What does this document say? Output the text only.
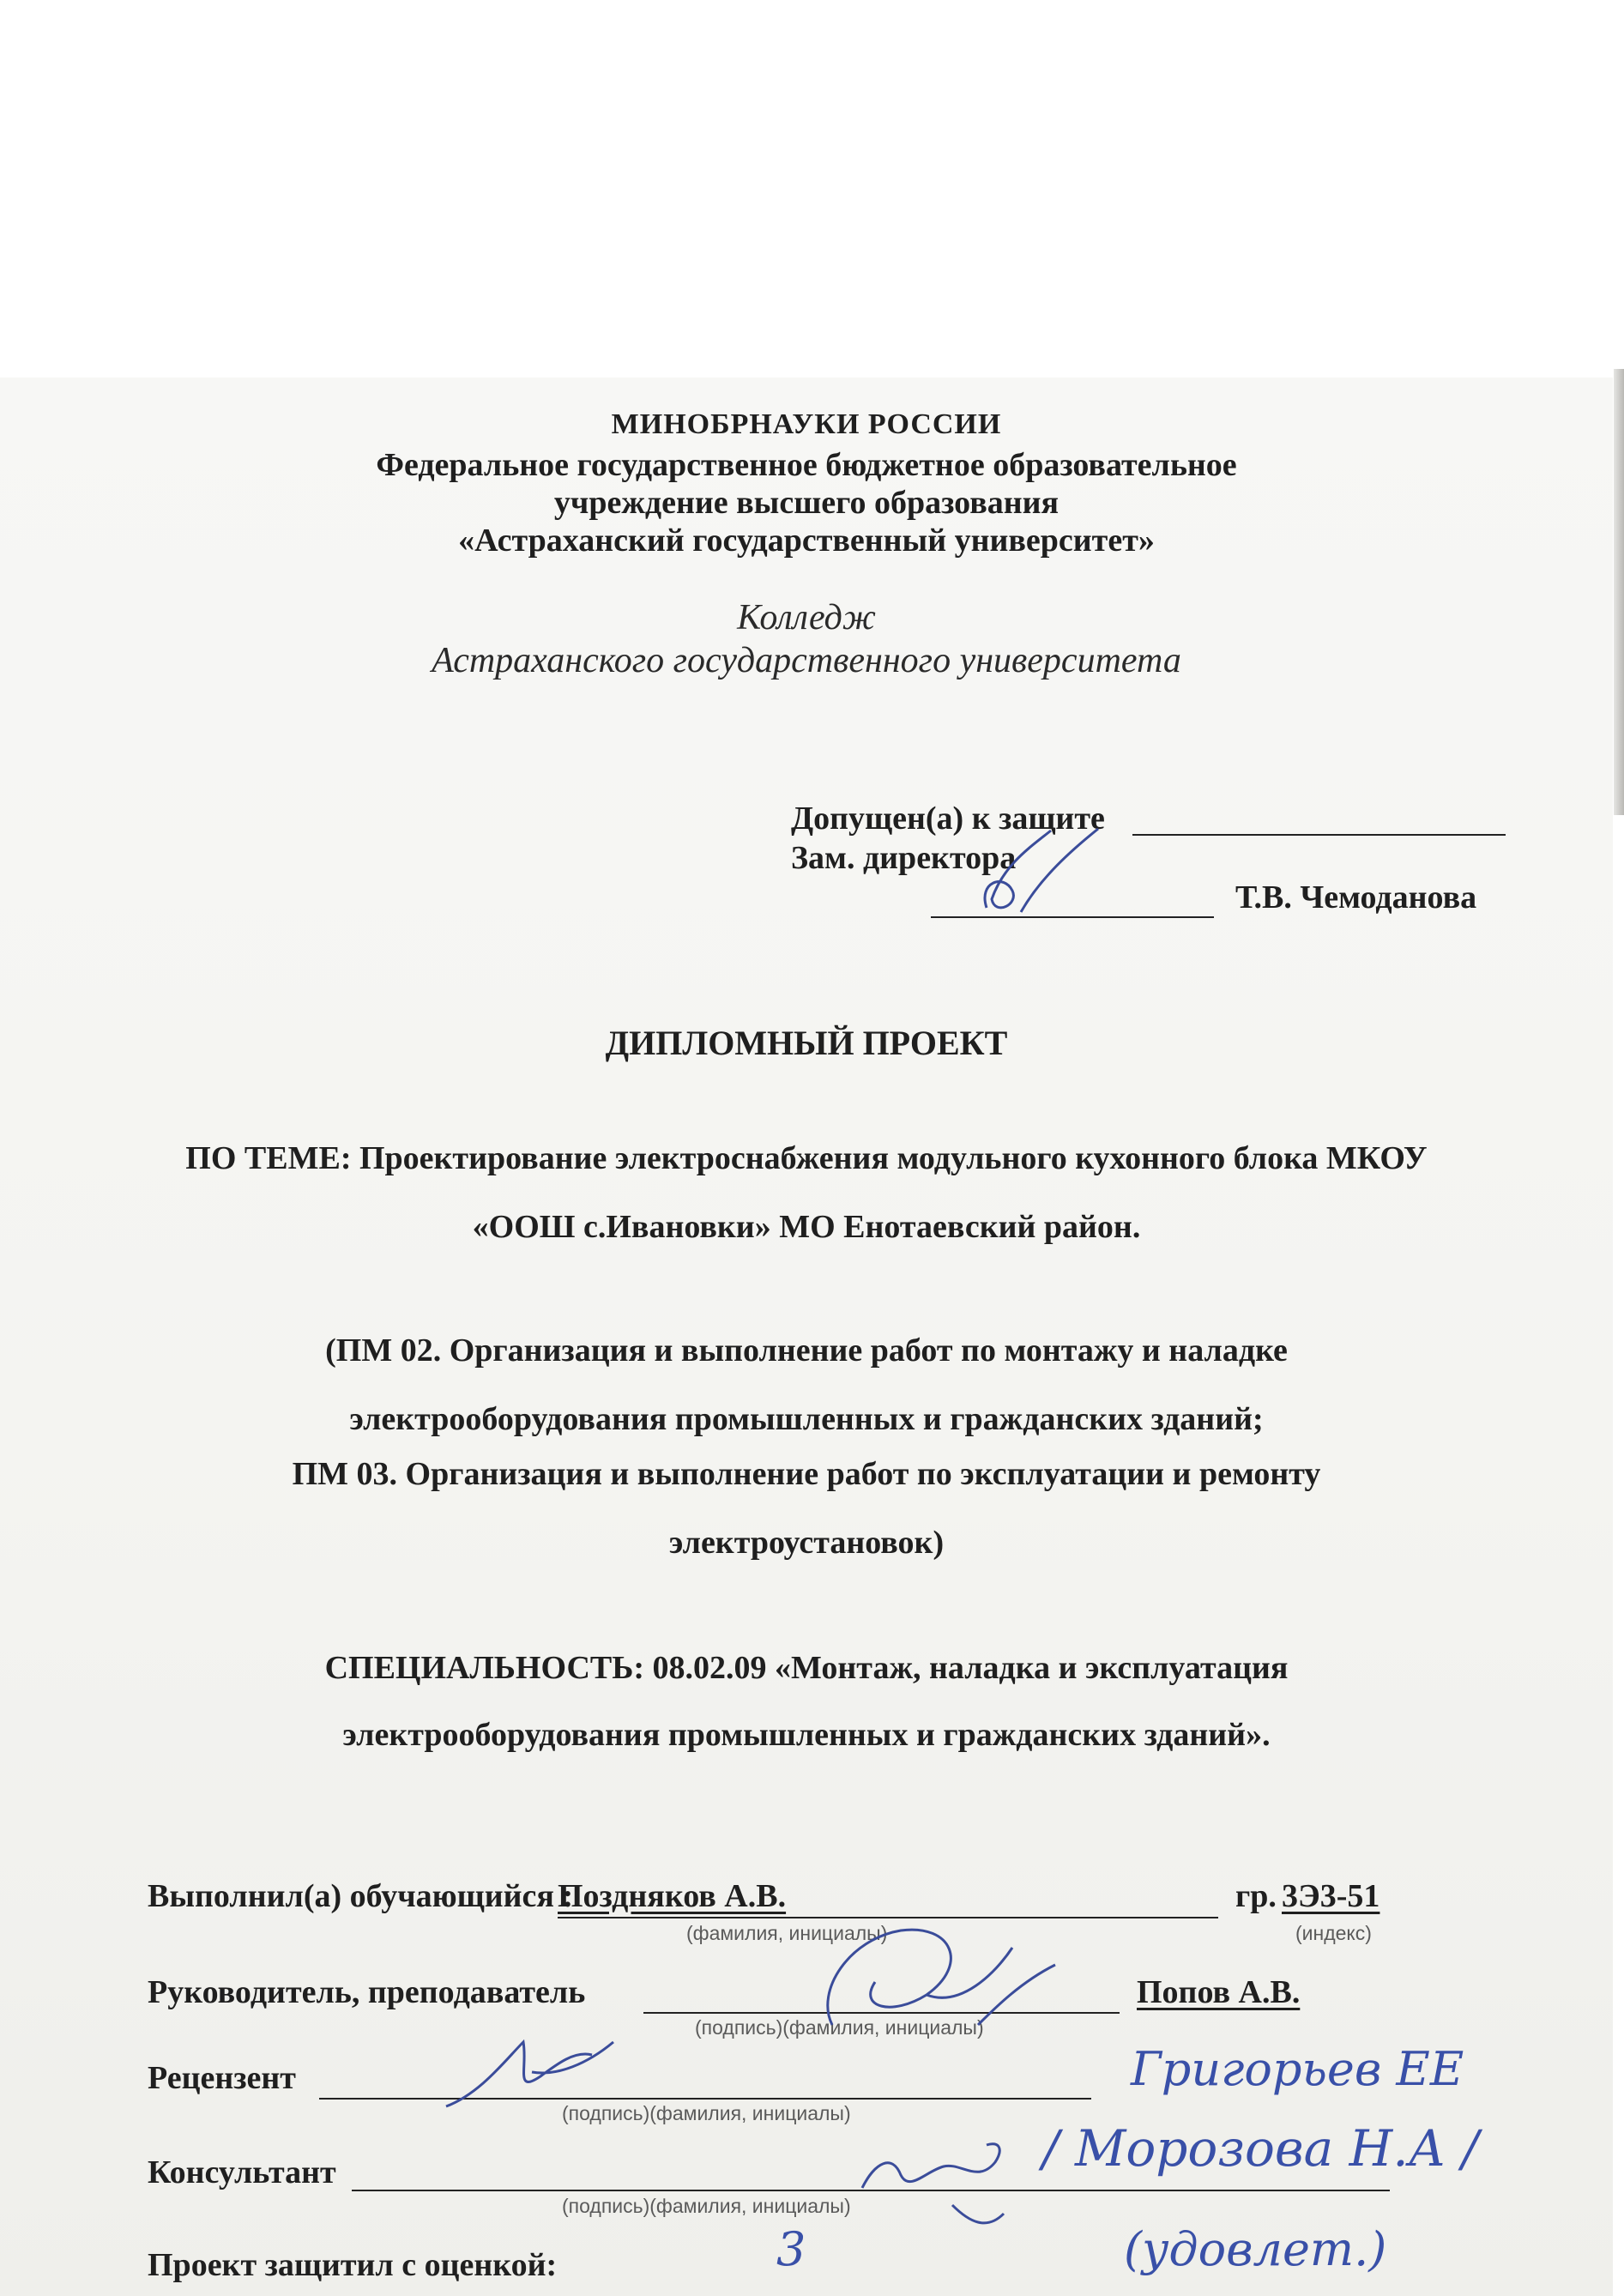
МИНОБРНАУКИ РОССИИ
Федеральное государственное бюджетное образовательное
учреждение высшего образования
«Астраханский государственный университет»
Колледж
Астраханского государственного университета
Допущен(а) к защите
Зам. директора
Т.В. Чемоданова
ДИПЛОМНЫЙ ПРОЕКТ
ПО ТЕМЕ: Проектирование электроснабжения модульного кухонного блока МКОУ
«ООШ с.Ивановки» МО Енотаевский район.
(ПМ 02. Организация и выполнение работ по монтажу и наладке
электрооборудования промышленных и гражданских зданий;
ПМ 03. Организация и выполнение работ по эксплуатации и ремонту
электроустановок)
СПЕЦИАЛЬНОСТЬ: 08.02.09 «Монтаж, наладка и эксплуатация
электрооборудования промышленных и гражданских зданий».
Выполнил(а) обучающийся :
Поздняков А.В.
(фамилия, инициалы)
гр. 3Э3-51
(индекс)
Руководитель, преподаватель
(подпись)(фамилия, инициалы)
Попов А.В.
Рецензент
(подпись)(фамилия, инициалы)
Григорьев ЕЕ
Консультант
(подпись)(фамилия, инициалы)
/ Морозова Н.А /
Проект защитил с оценкой:	3	(удовлет.)
